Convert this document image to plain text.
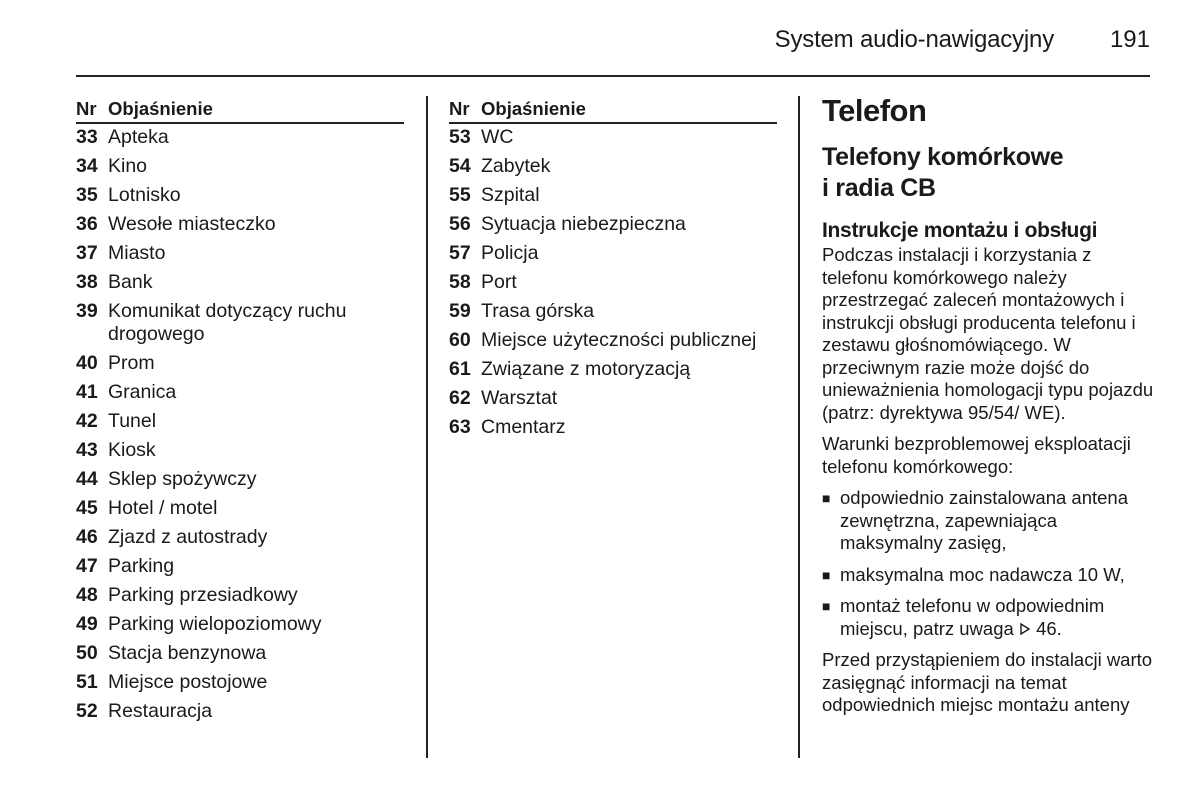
System audio-nawigacyjny 191
Nr Objaśnienie
33 Apteka
34 Kino
35 Lotnisko
36 Wesołe miasteczko
37 Miasto
38 Bank
39 Komunikat dotyczący ruchu drogowego
40 Prom
41 Granica
42 Tunel
43 Kiosk
44 Sklep spożywczy
45 Hotel / motel
46 Zjazd z autostrady
47 Parking
48 Parking przesiadkowy
49 Parking wielopoziomowy
50 Stacja benzynowa
51 Miejsce postojowe
52 Restauracja
Nr Objaśnienie
53 WC
54 Zabytek
55 Szpital
56 Sytuacja niebezpieczna
57 Policja
58 Port
59 Trasa górska
60 Miejsce użyteczności publicznej
61 Związane z motoryzacją
62 Warsztat
63 Cmentarz
Telefon
Telefony komórkowe
i radia CB
Instrukcje montażu i obsługi
Podczas instalacji i korzystania z telefonu komórkowego należy przestrzegać zaleceń montażowych i instrukcji obsługi producenta telefonu i zestawu głośnomówiącego. W przeciwnym razie może dojść do unieważnienia homologacji typu pojazdu (patrz: dyrektywa 95/54/ WE).
Warunki bezproblemowej eksploatacji telefonu komórkowego:
■ odpowiednio zainstalowana antena zewnętrzna, zapewniająca maksymalny zasięg,
■ maksymalna moc nadawcza 10 W,
■ montaż telefonu w odpowiednim miejscu, patrz uwaga 46.
Przed przystąpieniem do instalacji warto zasięgnąć informacji na temat odpowiednich miejsc montażu anteny
